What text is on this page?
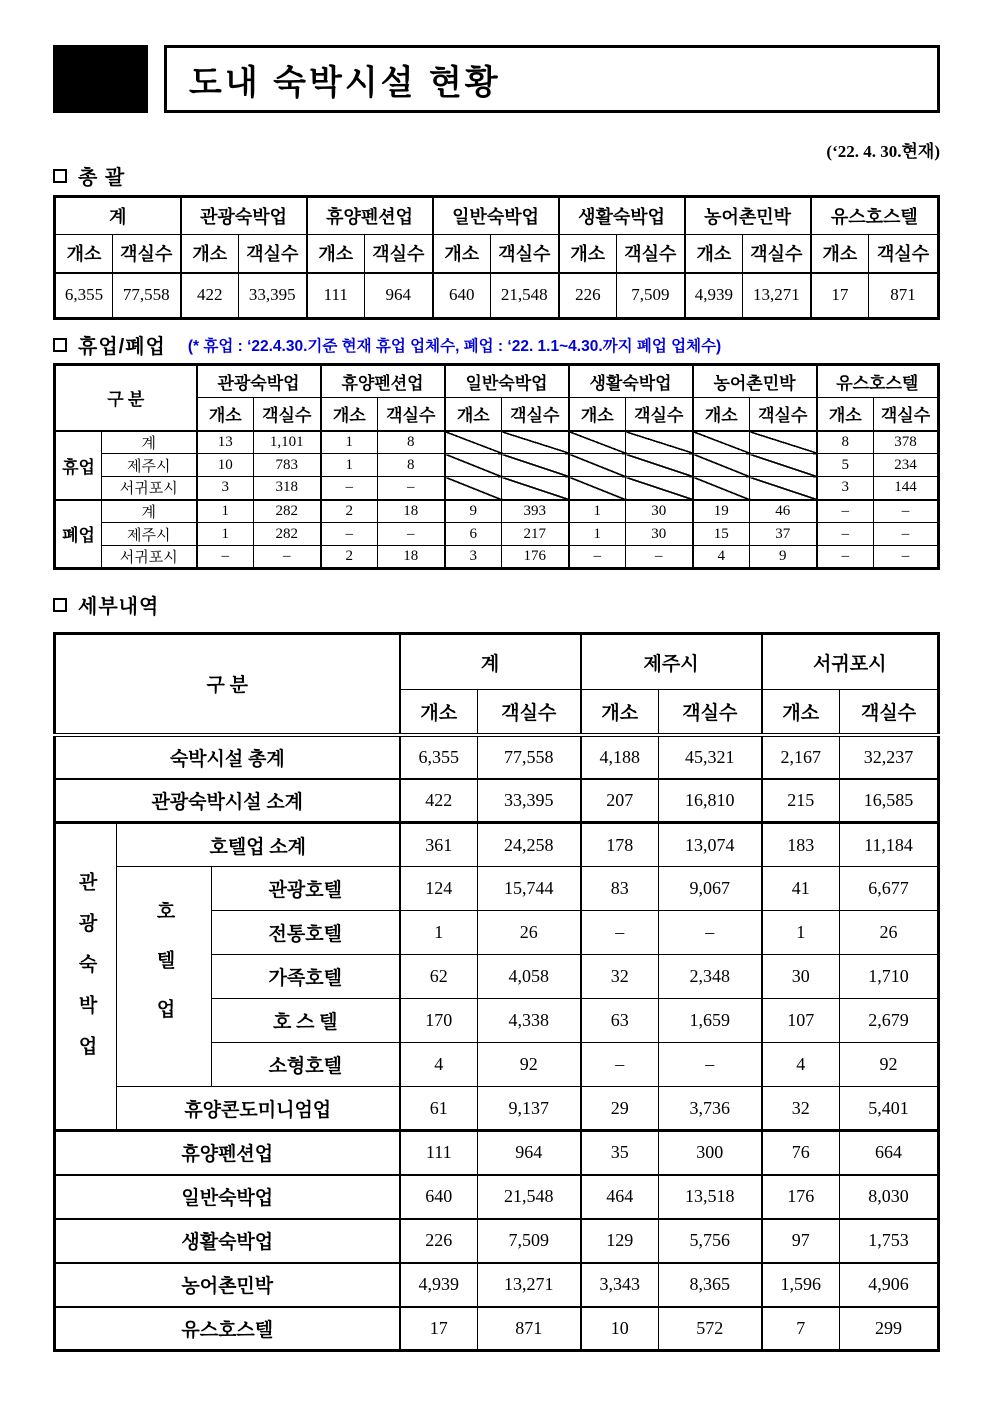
도내 숙박시설 현황
(‘22. 4. 30.현재)
총 괄
계		관광숙박업		휴양펜션업		일반숙박업		생활숙박업		농어촌민박		유스호스텔	
개소	객실수	개소	객실수	개소	객실수	개소	객실수	개소	객실수	개소	객실수	개소	객실수
6,355	77,558	422	33,395	111	964	640	21,548	226	7,509	4,939	13,271	17	871
휴업/폐업 (* 휴업 : ‘22.4.30.기준 현재 휴업 업체수, 폐업 : ‘22. 1.1~4.30.까지 폐업 업체수)
구 분		관광숙박업		휴양펜션업		일반숙박업		생활숙박업		농어촌민박		유스호스텔	
		개소	객실수	개소	객실수	개소	객실수	개소	객실수	개소	객실수	개소	객실수
휴업	계	13	1,101	1	8							8	378
	제주시	10	783	1	8							5	234
	서귀포시	3	318	–	–							3	144
폐업	계	1	282	2	18	9	393	1	30	19	46	–	–
	제주시	1	282	–	–	6	217	1	30	15	37	–	–
	서귀포시	–	–	2	18	3	176	–	–	4	9	–	–
세부내역
구 분			계		제주시		서귀포시	
			개소	객실수	개소	객실수	개소	객실수
숙박시설 총계			6,355	77,558	4,188	45,321	2,167	32,237
관광숙박시설 소계			422	33,395	207	16,810	215	16,585
관광숙박업	호텔업 소계		361	24,258	178	13,074	183	11,184
	호텔업	관광호텔	124	15,744	83	9,067	41	6,677
		전통호텔	1	26	–	–	1	26
		가족호텔	62	4,058	32	2,348	30	1,710
		호 스 텔	170	4,338	63	1,659	107	2,679
		소형호텔	4	92	–	–	4	92
	휴양콘도미니엄업		61	9,137	29	3,736	32	5,401
휴양펜션업			111	964	35	300	76	664
일반숙박업			640	21,548	464	13,518	176	8,030
생활숙박업			226	7,509	129	5,756	97	1,753
농어촌민박			4,939	13,271	3,343	8,365	1,596	4,906
유스호스텔			17	871	10	572	7	299
